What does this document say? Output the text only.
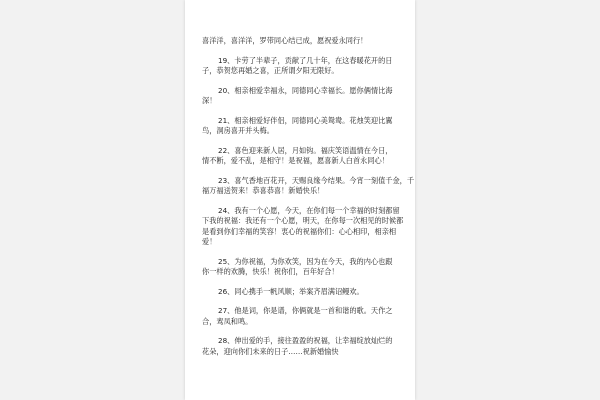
喜洋洋，喜洋洋，罗带同心结已成，愿祝爱永同行！
19、卡劳了半辈子，贡献了几十年，在这春暖花开的日
子，恭贺您再婚之喜，正所谓夕阳无限好。
20、相亲相爱幸福永，同德同心幸福长。愿你俩情比海
深！
21、相亲相爱好伴侣，同德同心美鸳鸯。花烛笑迎比翼
鸟，洞房喜开并头梅。
22、喜色迎来新人居，月如钩。福庆笑语温情在今日，
情不断，爱不乱，是相守！是祝福，愿喜新人白首永同心！
23、喜气香地百花开，天赐良缘今结果。今宵一刻值千金，千
福万福送贺来！恭喜恭喜！新婚快乐！
24、我有一个心愿，今天，在你们每一个幸福的时刻都留
下我的祝福：我还有一个心愿，明天，在你每一次相见的时候都
是看到你们幸福的笑容！衷心的祝福你们：心心相印，相亲相
爱！
25、为你祝福，为你欢笑，因为在今天，我的内心也跟
你一样的欢腾，快乐！祝你们，百年好合！
26、同心携手一帆风顺；举案齐眉满诏鳗欢。
27、他是词，你是谱，你俩就是一首和谐的歌。天作之
合，鸾凤和鸣。
28、伸出爱的手，接往盈盈的祝福，让幸福绽放灿烂的
花朵，迎向你们未来的日子……祝新婚愉快
